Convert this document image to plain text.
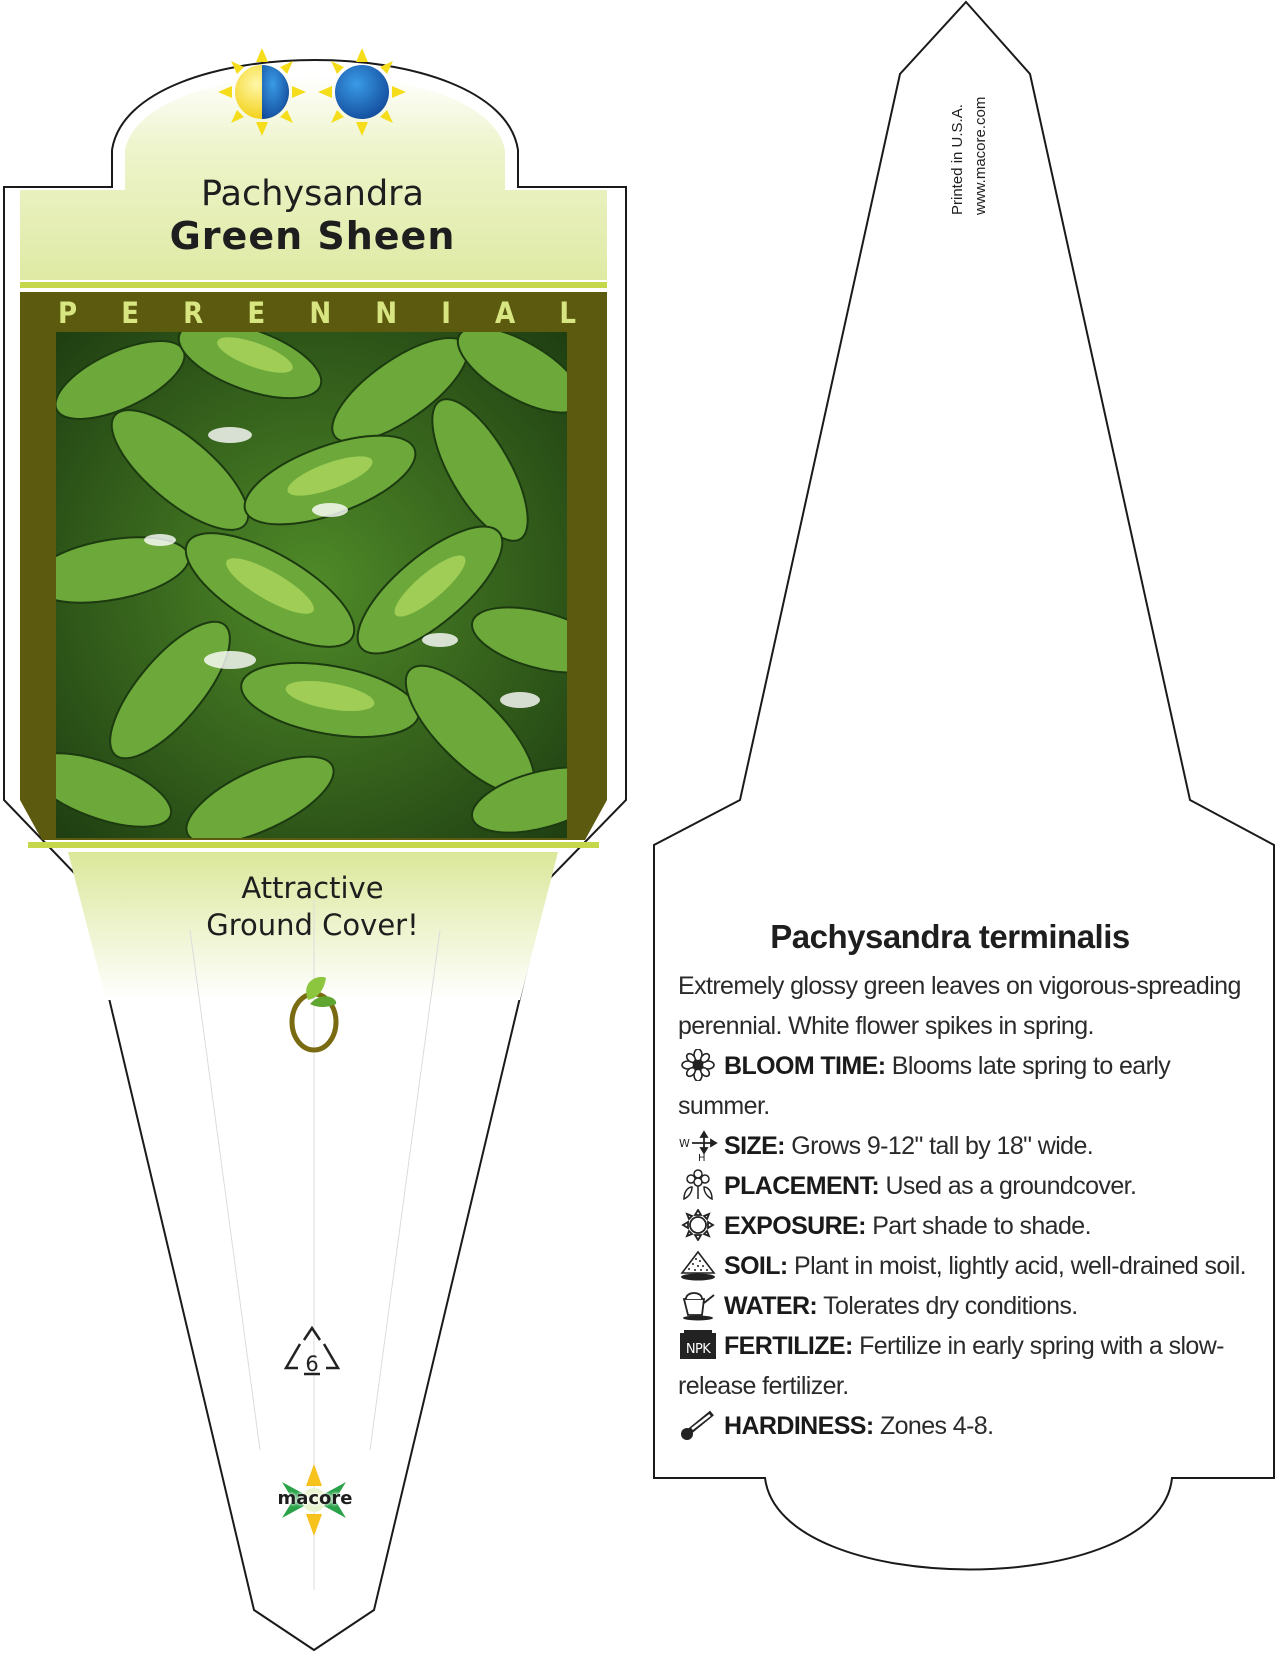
Pachysandra
Green Sheen
P E R E N N I A L
Attractive
Ground Cover!
6
macore
Printed in U.S.A. www.macore.com
Pachysandra terminalis

Extremely glossy green leaves on vigorous-spreading perennial. White flower spikes in spring.

BLOOM TIME: Blooms late spring to early summer.

W
H SIZE: Grows 9-12" tall by 18" wide.

PLACEMENT: Used as a groundcover.

EXPOSURE: Part shade to shade.

SOIL: Plant in moist, lightly acid, well-drained soil.

WATER: Tolerates dry conditions.

NPK FERTILIZE: Fertilize in early spring with a slow-release fertilizer.

HARDINESS: Zones 4-8.
